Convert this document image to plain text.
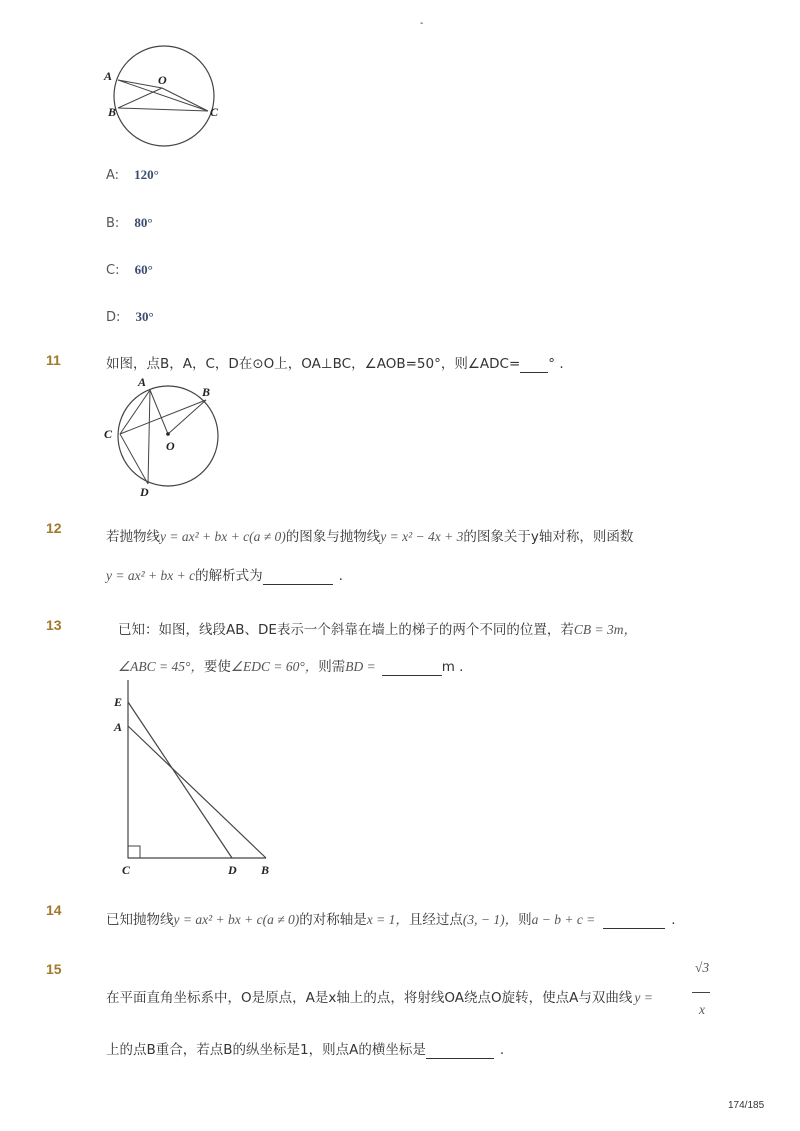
-
A	O
B	C
A: 120°
B: 80°
C: 60°
D: 30°
11	如图，点B，A，C，D在⊙O上，OA⊥BC，∠AOB=50°，则∠ADC= ° .
A
B
C
O
D
12
若抛物线y = ax² + bx + c(a ≠ 0)的图象与抛物线y = x² − 4x + 3的图象关于y轴对称，则函数
y = ax² + bx + c的解析式为	.
13	已知：如图，线段AB、DE表示一个斜靠在墙上的梯子的两个不同的位置，若CB = 3m，
∠ABC = 45°，要使∠EDC = 60°，则需BD =	m .
E
A
C	D B
14
已知抛物线y = ax² + bx + c(a ≠ 0)的对称轴是x = 1，且经过点(3, − 1)，则a − b + c =	.
15
在平面直角坐标系中，O是原点，A是x轴上的点，将射线OA绕点O旋转，使点A与双曲线 y =
√3
x
上的点B重合，若点B的纵坐标是1，则点A的横坐标是	.
174/185
